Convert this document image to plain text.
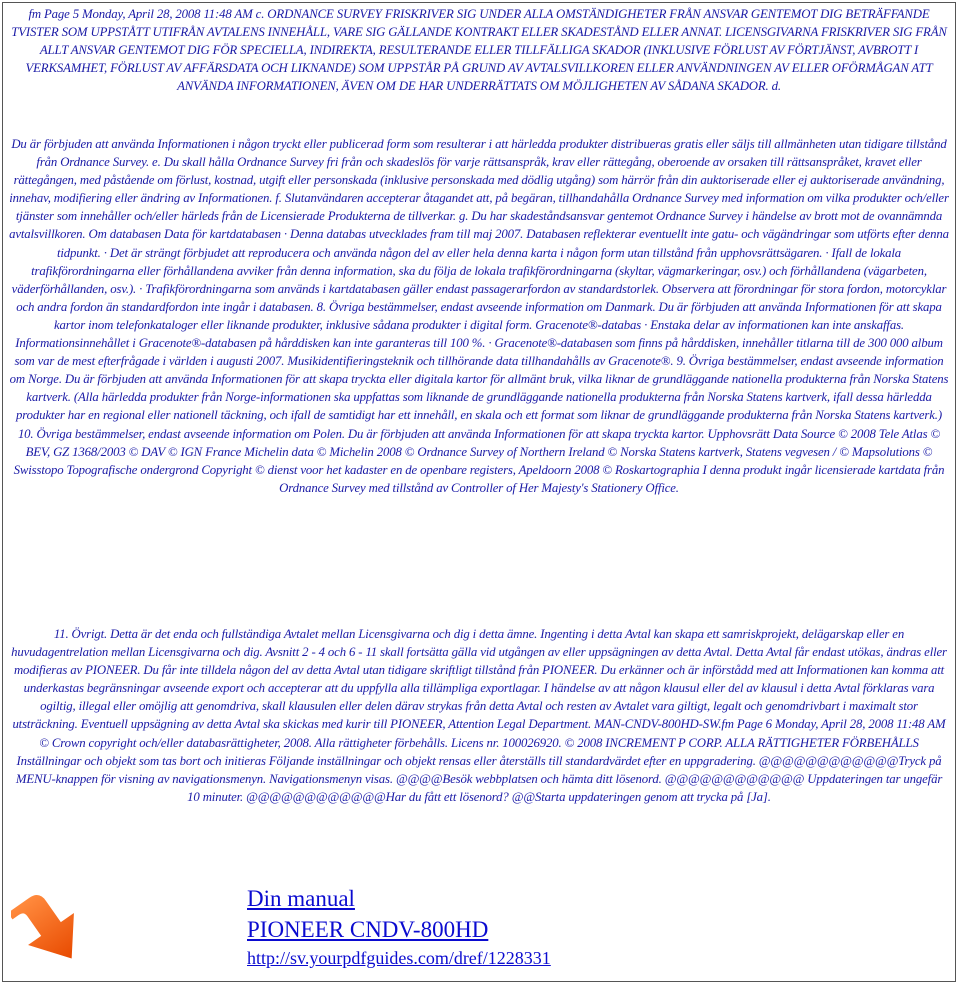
fm Page 5 Monday, April 28, 2008 11:48 AM c. ORDNANCE SURVEY FRISKRIVER SIG UNDER ALLA OMSTÄNDIGHETER FRÅN ANSVAR GENTEMOT DIG BETRÄFFANDE TVISTER SOM UPPSTÅTT UTIFRÅN AVTALENS INNEHÅLL, VARE SIG GÄLLANDE KONTRAKT ELLER SKADESTÅND ELLER ANNAT. LICENSGIVARNA FRISKRIVER SIG FRÅN ALLT ANSVAR GENTEMOT DIG FÖR SPECIELLA, INDIREKTA, RESULTERANDE ELLER TILLFÄLLIGA SKADOR (INKLUSIVE FÖRLUST AV FÖRTJÄNST, AVBROTT I VERKSAMHET, FÖRLUST AV AFFÄRSDATA OCH LIKNANDE) SOM UPPSTÅR PÅ GRUND AV AVTALSVILLKOREN ELLER ANVÄNDNINGEN AV ELLER OFÖRMÅGAN ATT ANVÄNDA INFORMATIONEN, ÄVEN OM DE HAR UNDERRÄTTATS OM MÖJLIGHETEN AV SÅDANA SKADOR. d.

Du är förbjuden att använda Informationen i någon tryckt eller publicerad form som resulterar i att härledda produkter distribueras gratis eller säljs till allmänheten utan tidigare tillstånd från Ordnance Survey. e. Du skall hålla Ordnance Survey fri från och skadeslös för varje rättsanspråk, krav eller rättegång, oberoende av orsaken till rättsanspråket, kravet eller rättegången, med påstående om förlust, kostnad, utgift eller personskada (inklusive personskada med dödlig utgång) som härrör från din auktoriserade eller ej auktoriserade användning, innehav, modifiering eller ändring av Informationen. f. Slutanvändaren accepterar åtagandet att, på begäran, tillhandahålla Ordnance Survey med information om vilka produkter och/eller tjänster som innehåller och/eller härleds från de Licensierade Produkterna de tillverkar. g. Du har skadeståndsansvar gentemot Ordnance Survey i händelse av brott mot de ovannämnda avtalsvillkoren. Om databasen Data för kartdatabasen · Denna databas utvecklades fram till maj 2007. Databasen reflekterar eventuellt inte gatu- och vägändringar som utförts efter denna tidpunkt. · Det är strängt förbjudet att reproducera och använda någon del av eller hela denna karta i någon form utan tillstånd från upphovsrättsägaren. · Ifall de lokala trafikförordningarna eller förhållandena avviker från denna information, ska du följa de lokala trafikförordningarna (skyltar, vägmarkeringar, osv.) och förhållandena (vägarbeten, väderförhållanden, osv.). · Trafikförordningarna som används i kartdatabasen gäller endast passagerarfordon av standardstorlek. Observera att förordningar för stora fordon, motorcyklar och andra fordon än standardfordon inte ingår i databasen. 8. Övriga bestämmelser, endast avseende information om Danmark. Du är förbjuden att använda Informationen för att skapa kartor inom telefonkataloger eller liknande produkter, inklusive sådana produkter i digital form. Gracenote®-databas · Enstaka delar av informationen kan inte anskaffas. Informationsinnehållet i Gracenote®-databasen på hårddisken kan inte garanteras till 100 %. · Gracenote®-databasen som finns på hårddisken, innehåller titlarna till de 300 000 album som var de mest efterfrågade i världen i augusti 2007. Musikidentifieringsteknik och tillhörande data tillhandahålls av Gracenote®. 9. Övriga bestämmelser, endast avseende information om Norge. Du är förbjuden att använda Informationen för att skapa tryckta eller digitala kartor för allmänt bruk, vilka liknar de grundläggande nationella produkterna från Norska Statens kartverk. (Alla härledda produkter från Norge-informationen ska uppfattas som liknande de grundläggande nationella produkterna från Norska Statens kartverk, ifall dessa härledda produkter har en regional eller nationell täckning, och ifall de samtidigt har ett innehåll, en skala och ett format som liknar de grundläggande produkterna från Norska Statens kartverk.) 10. Övriga bestämmelser, endast avseende information om Polen. Du är förbjuden att använda Informationen för att skapa tryckta kartor. Upphovsrätt Data Source © 2008 Tele Atlas © BEV, GZ 1368/2003 © DAV © IGN France Michelin data © Michelin 2008 © Ordnance Survey of Northern Ireland © Norska Statens kartverk, Statens vegvesen / © Mapsolutions © Swisstopo Topografische ondergrond Copyright © dienst voor het kadaster en de openbare registers, Apeldoorn 2008 © Roskartographia I denna produkt ingår licensierade kartdata från Ordnance Survey med tillstånd av Controller of Her Majesty's Stationery Office.

11. Övrigt. Detta är det enda och fullständiga Avtalet mellan Licensgivarna och dig i detta ämne. Ingenting i detta Avtal kan skapa ett samriskprojekt, delägarskap eller en huvudagentrelation mellan Licensgivarna och dig. Avsnitt 2 - 4 och 6 - 11 skall fortsätta gälla vid utgången av eller uppsägningen av detta Avtal. Detta Avtal får endast utökas, ändras eller modifieras av PIONEER. Du får inte tilldela någon del av detta Avtal utan tidigare skriftligt tillstånd från PIONEER. Du erkänner och är införstådd med att Informationen kan komma att underkastas begränsningar avseende export och accepterar att du uppfylla alla tillämpliga exportlagar. I händelse av att någon klausul eller del av klausul i detta Avtal förklaras vara ogiltig, illegal eller omöjlig att genomdriva, skall klausulen eller delen därav strykas från detta Avtal och resten av Avtalet vara giltigt, legalt och genomdrivbart i maximalt stor utsträckning. Eventuell uppsägning av detta Avtal ska skickas med kurir till PIONEER, Attention Legal Department. MAN-CNDV-800HD-SW.fm Page 6 Monday, April 28, 2008 11:48 AM © Crown copyright och/eller databasrättigheter, 2008. Alla rättigheter förbehålls. Licens nr. 100026920. © 2008 INCREMENT P CORP. ALLA RÄTTIGHETER FÖRBEHÅLLS Inställningar och objekt som tas bort och initieras Följande inställningar och objekt rensas eller återställs till standardvärdet efter en uppgradering. @@@@@@@@@@@@Tryck på MENU-knappen för visning av navigationsmenyn. Navigationsmenyn visas. @@@@Besök webbplatsen och hämta ditt lösenord. @@@@@@@@@@@@ Uppdateringen tar ungefär 10 minuter. @@@@@@@@@@@@Har du fått ett lösenord? @@Starta uppdateringen genom att trycka på [Ja].

Din manual
PIONEER CNDV-800HD
http://sv.yourpdfguides.com/dref/1228331
